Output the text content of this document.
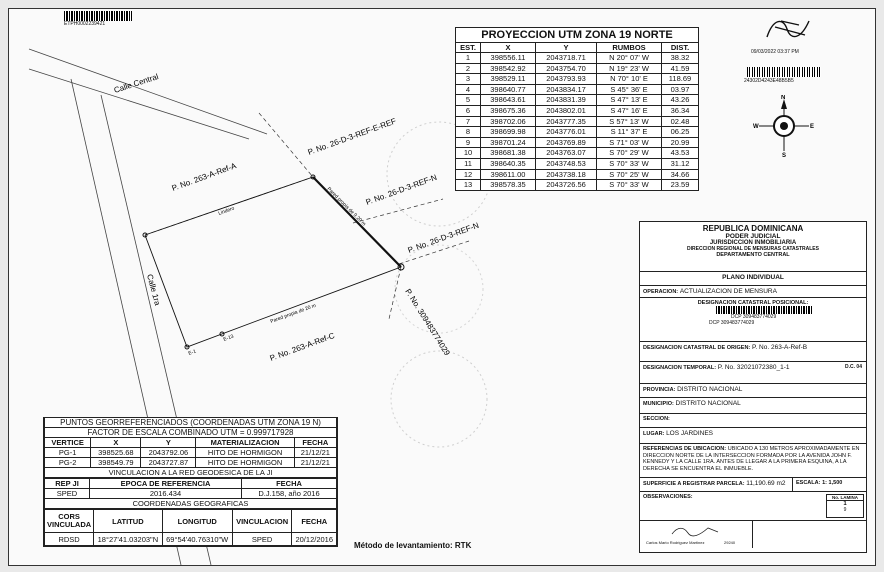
ETPH0002239421
Calle Central
Calle 1ra
P. No. 26-D-3-REF-E-REF
P. No. 263-A-Ref-A
Lindero	Pared propia de 9.20 m
P. No. 26-D-3-REF-N
P. No. 26-D-3-REF-N
P. No. 309483774029
Pared propia de 20 m
E-13
E-1	P. No. 263-A-Ref-C
PROYECCION UTM ZONA 19 NORTE
EST.	X	Y	RUMBOS	DIST.
1	398556.11	2043718.71	N 20° 07' W	38.32
2	398542.92	2043754.70	N 19° 23' W	41.59
3	398529.11	2043793.93	N 70° 10' E	118.69
4	398640.77	2043834.17	S 45° 36' E	03.97
5	398643.61	2043831.39	S 47° 13' E	43.26
6	398675.36	2043802.01	S 47° 16' E	36.34
7	398702.06	2043777.35	S 57° 13' W	02.48
8	398699.98	2043776.01	S 11° 37' E	06.25
9	398701.24	2043769.89	S 71° 03' W	20.99
10	398681.38	2043763.07	S 70° 29' W	43.53
11	398640.35	2043748.53	S 70° 33' W	31.12
12	398611.00	2043738.18	S 70° 25' W	34.66
13	398578.35	2043726.56	S 70° 33' W	23.59
09/03/2022 03:37 PM
24302D4243E48B5B5
N
S
E
W
REPUBLICA DOMINICANA
PODER JUDICIAL
JURISDICCION INMOBILIARIA
DIRECCION REGIONAL DE MENSURAS CATASTRALES
DEPARTAMENTO CENTRAL
PLANO INDIVIDUAL
OPERACION: ACTUALIZACION DE MENSURA
DESIGNACION CATASTRAL POSICIONAL:
DCP 309483774029
DESIGNACION CATASTRAL DE ORIGEN: P. No. 263-A-Ref-B
DESIGNACION TEMPORAL: P. No. 32021072380_1-1	D.C. 04
PROVINCIA: DISTRITO NACIONAL
MUNICIPIO: DISTRITO NACIONAL
SECCION:
LUGAR: LOS JARDINES
REFERENCIAS DE UBICACION: UBICADO A 130 METROS APROXIMADAMENTE EN DIRECCION NORTE DE LA INTERSECCION FORMADA POR LA AVENIDA JOHN F. KENNEDY Y LA CALLE 1RA. ANTES DE LLEGAR A LA PRIMERA ESQUINA, A LA DERECHA SE ENCUENTRA EL INMUEBLE.
SUPERFICIE A REGISTRAR PARCELA: 11,190.69 m2	ESCALA: 1: 1,500
OBSERVACIONES:	No. LAMINA
1
9
Carlos Mario Rodriguez Martinez	29240
DCP 309483774029
PUNTOS GEORREFERENCIADOS (COORDENADAS UTM ZONA 19 N)				
FACTOR DE ESCALA COMBINADO UTM = 0.999717928				
VERTICE	X	Y	MATERIALIZACION	FECHA
PG-1	398525.68	2043792.06	HITO DE HORMIGON	21/12/21
PG-2	398549.79	2043727.87	HITO DE HORMIGON	21/12/21
VINCULACION A LA RED GEODESICA DE LA JI				
REP JI	EPOCA DE REFERENCIA	FECHA
SPED	2016.434	D.J.158, año 2016
COORDENADAS GEOGRAFICAS		
CORS VINCULADA	LATITUD	LONGITUD	VINCULACION	FECHA
RDSD	18°27'41.03203"N	69°54'40.76310"W	SPED	20/12/2016
Método de levantamiento: RTK
